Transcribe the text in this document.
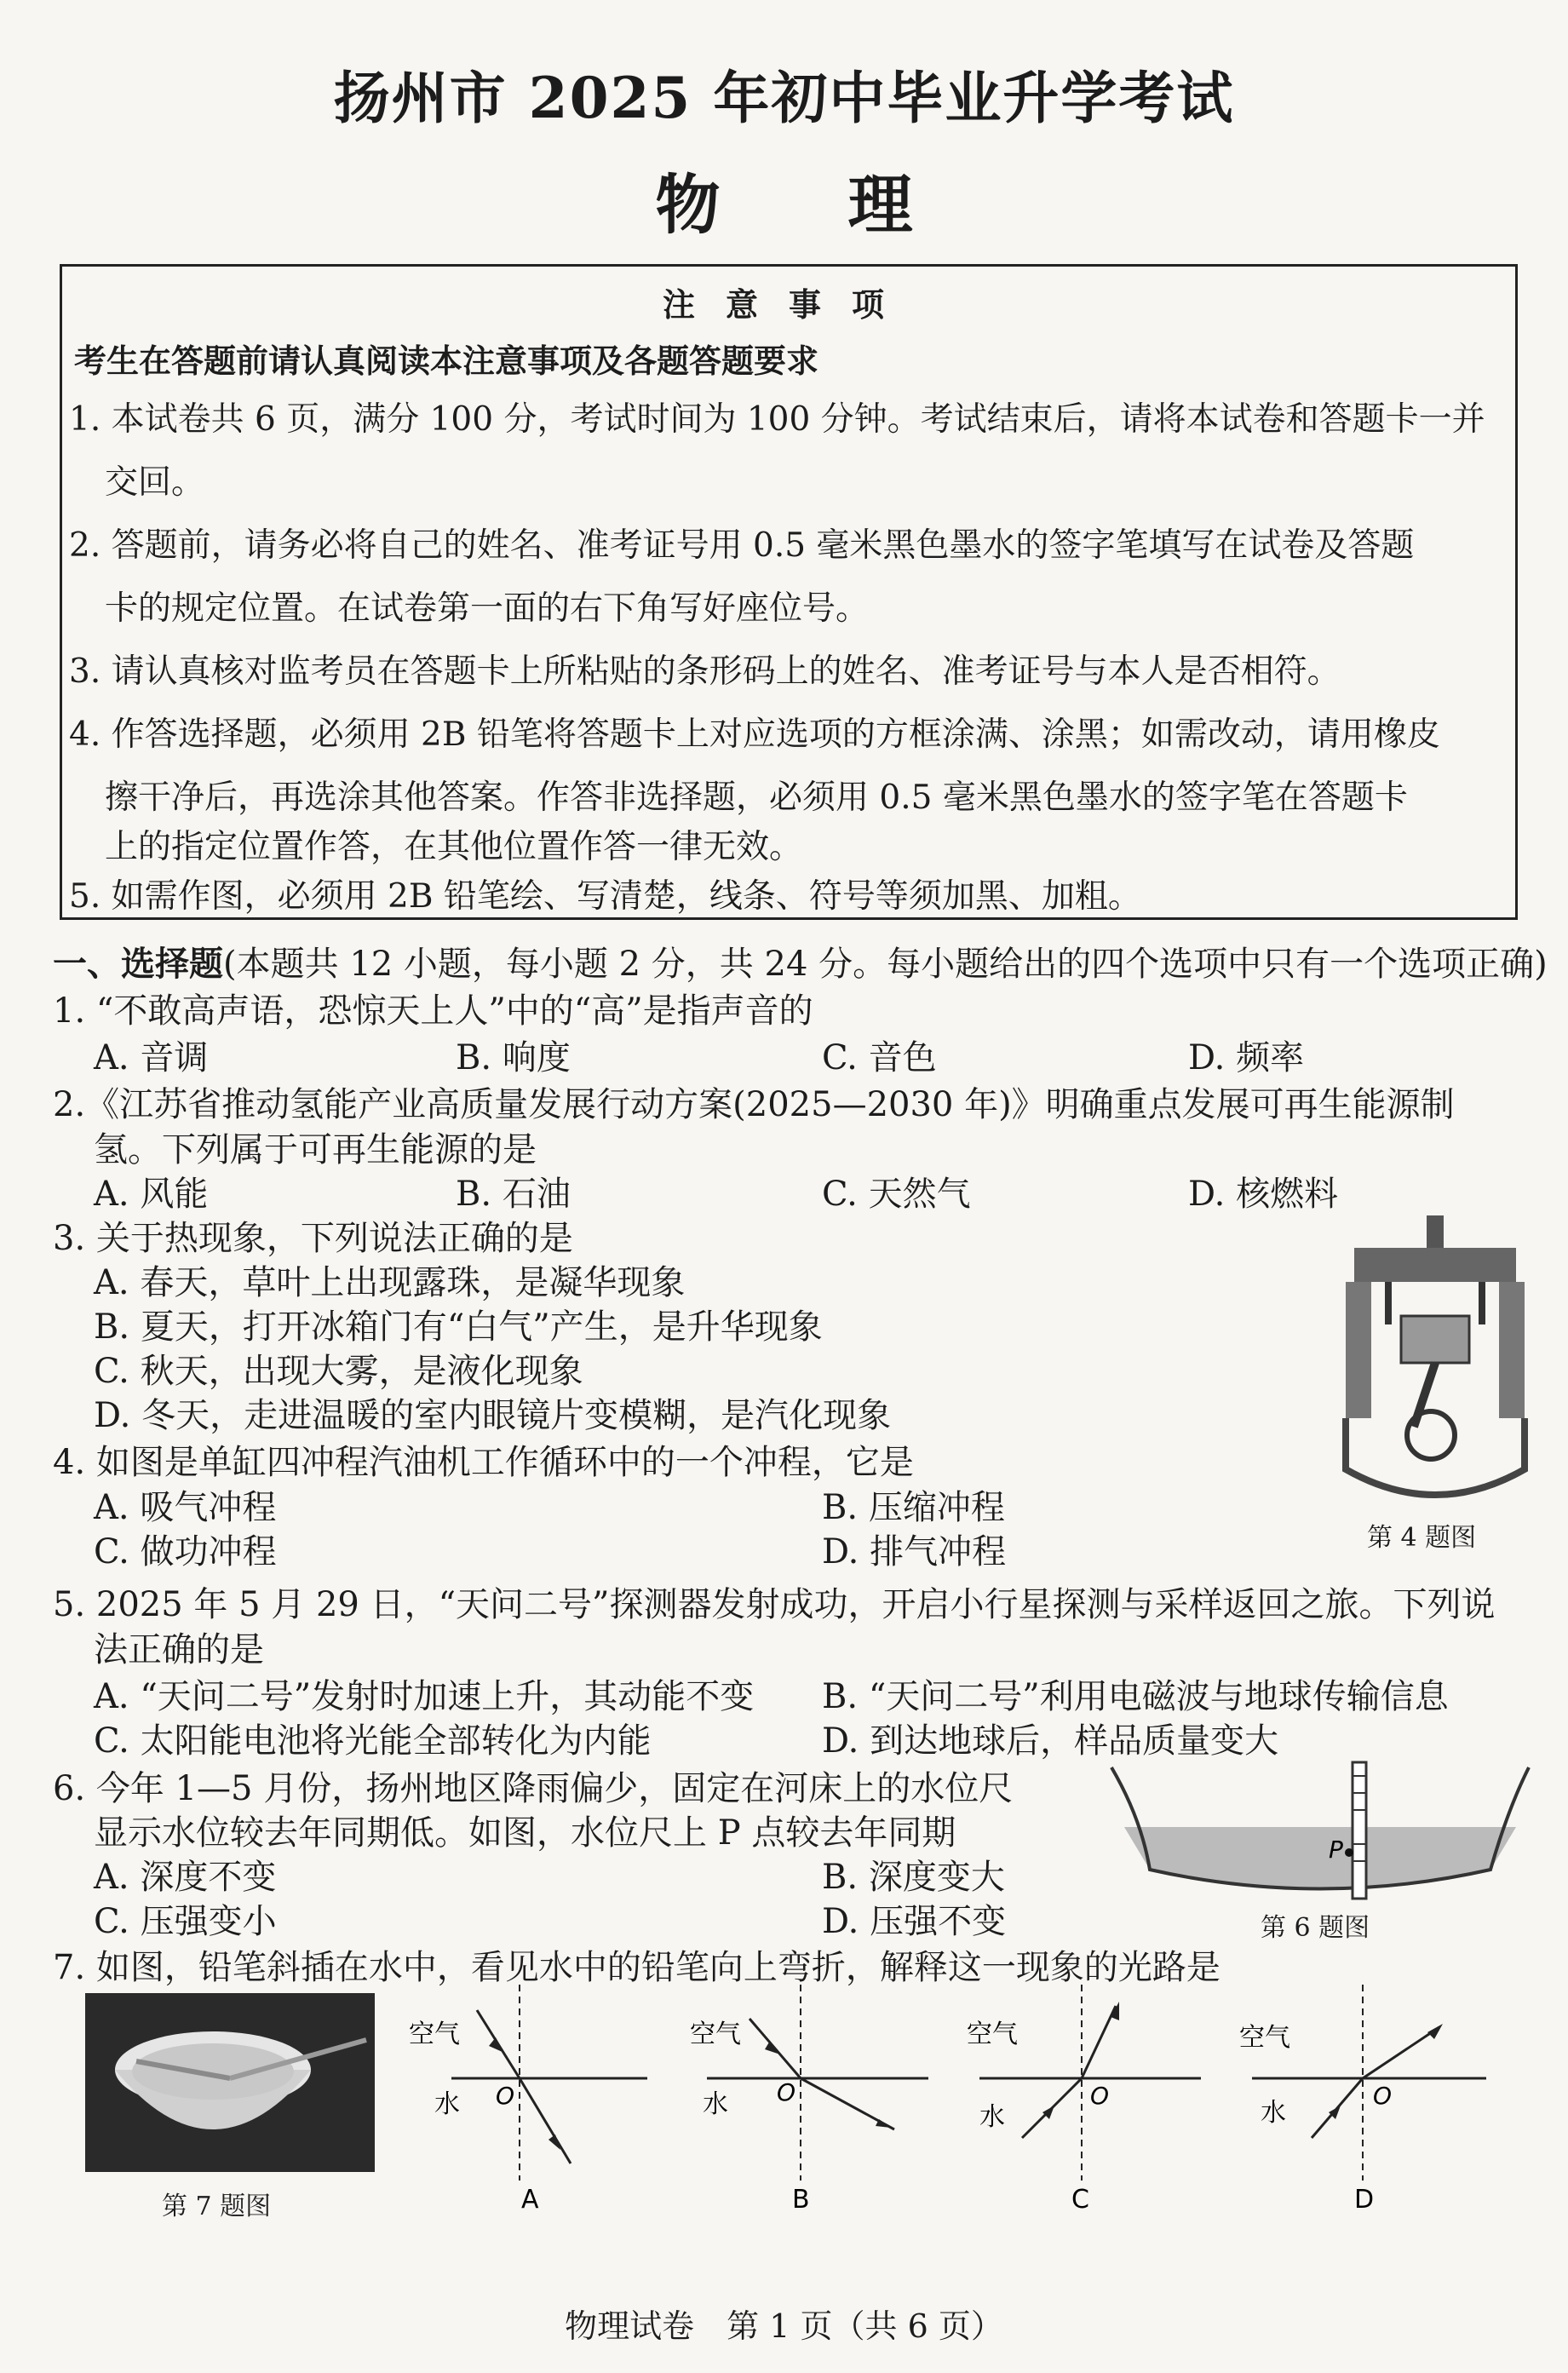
扬州市 2025 年初中毕业升学考试
物 理
注意事项
考生在答题前请认真阅读本注意事项及各题答题要求
1. 本试卷共 6 页，满分 100 分，考试时间为 100 分钟。考试结束后，请将本试卷和答题卡一并
交回。
2. 答题前，请务必将自己的姓名、准考证号用 0.5 毫米黑色墨水的签字笔填写在试卷及答题
卡的规定位置。在试卷第一面的右下角写好座位号。
3. 请认真核对监考员在答题卡上所粘贴的条形码上的姓名、准考证号与本人是否相符。
4. 作答选择题，必须用 2B 铅笔将答题卡上对应选项的方框涂满、涂黑；如需改动，请用橡皮
擦干净后，再选涂其他答案。作答非选择题，必须用 0.5 毫米黑色墨水的签字笔在答题卡
上的指定位置作答，在其他位置作答一律无效。
5. 如需作图，必须用 2B 铅笔绘、写清楚，线条、符号等须加黑、加粗。
一、选择题(本题共 12 小题，每小题 2 分，共 24 分。每小题给出的四个选项中只有一个选项正确)
1. “不敢高声语，恐惊天上人”中的“高”是指声音的
A. 音调	B. 响度	C. 音色	D. 频率
2.《江苏省推动氢能产业高质量发展行动方案(2025—2030 年)》明确重点发展可再生能源制
氢。下列属于可再生能源的是
A. 风能	B. 石油	C. 天然气	D. 核燃料
3. 关于热现象，下列说法正确的是
A. 春天，草叶上出现露珠，是凝华现象
B. 夏天，打开冰箱门有“白气”产生，是升华现象
C. 秋天，出现大雾，是液化现象
D. 冬天，走进温暖的室内眼镜片变模糊，是汽化现象
第 4 题图
4. 如图是单缸四冲程汽油机工作循环中的一个冲程，它是
A. 吸气冲程	B. 压缩冲程
C. 做功冲程	D. 排气冲程
5. 2025 年 5 月 29 日，“天问二号”探测器发射成功，开启小行星探测与采样返回之旅。下列说
法正确的是
A. “天问二号”发射时加速上升，其动能不变 B. “天问二号”利用电磁波与地球传输信息
C. 太阳能电池将光能全部转化为内能	D. 到达地球后，样品质量变大
P
第 6 题图
6. 今年 1—5 月份，扬州地区降雨偏少，固定在河床上的水位尺
显示水位较去年同期低。如图，水位尺上 P 点较去年同期
A. 深度不变	B. 深度变大
C. 压强变小	D. 压强不变
7. 如图，铅笔斜插在水中，看见水中的铅笔向上弯折，解释这一现象的光路是
第 7 题图
空气
水 O
A
空气
水 O
B
空气
水
O
C
空气
水
O
D
物理试卷　第 1 页（共 6 页）
